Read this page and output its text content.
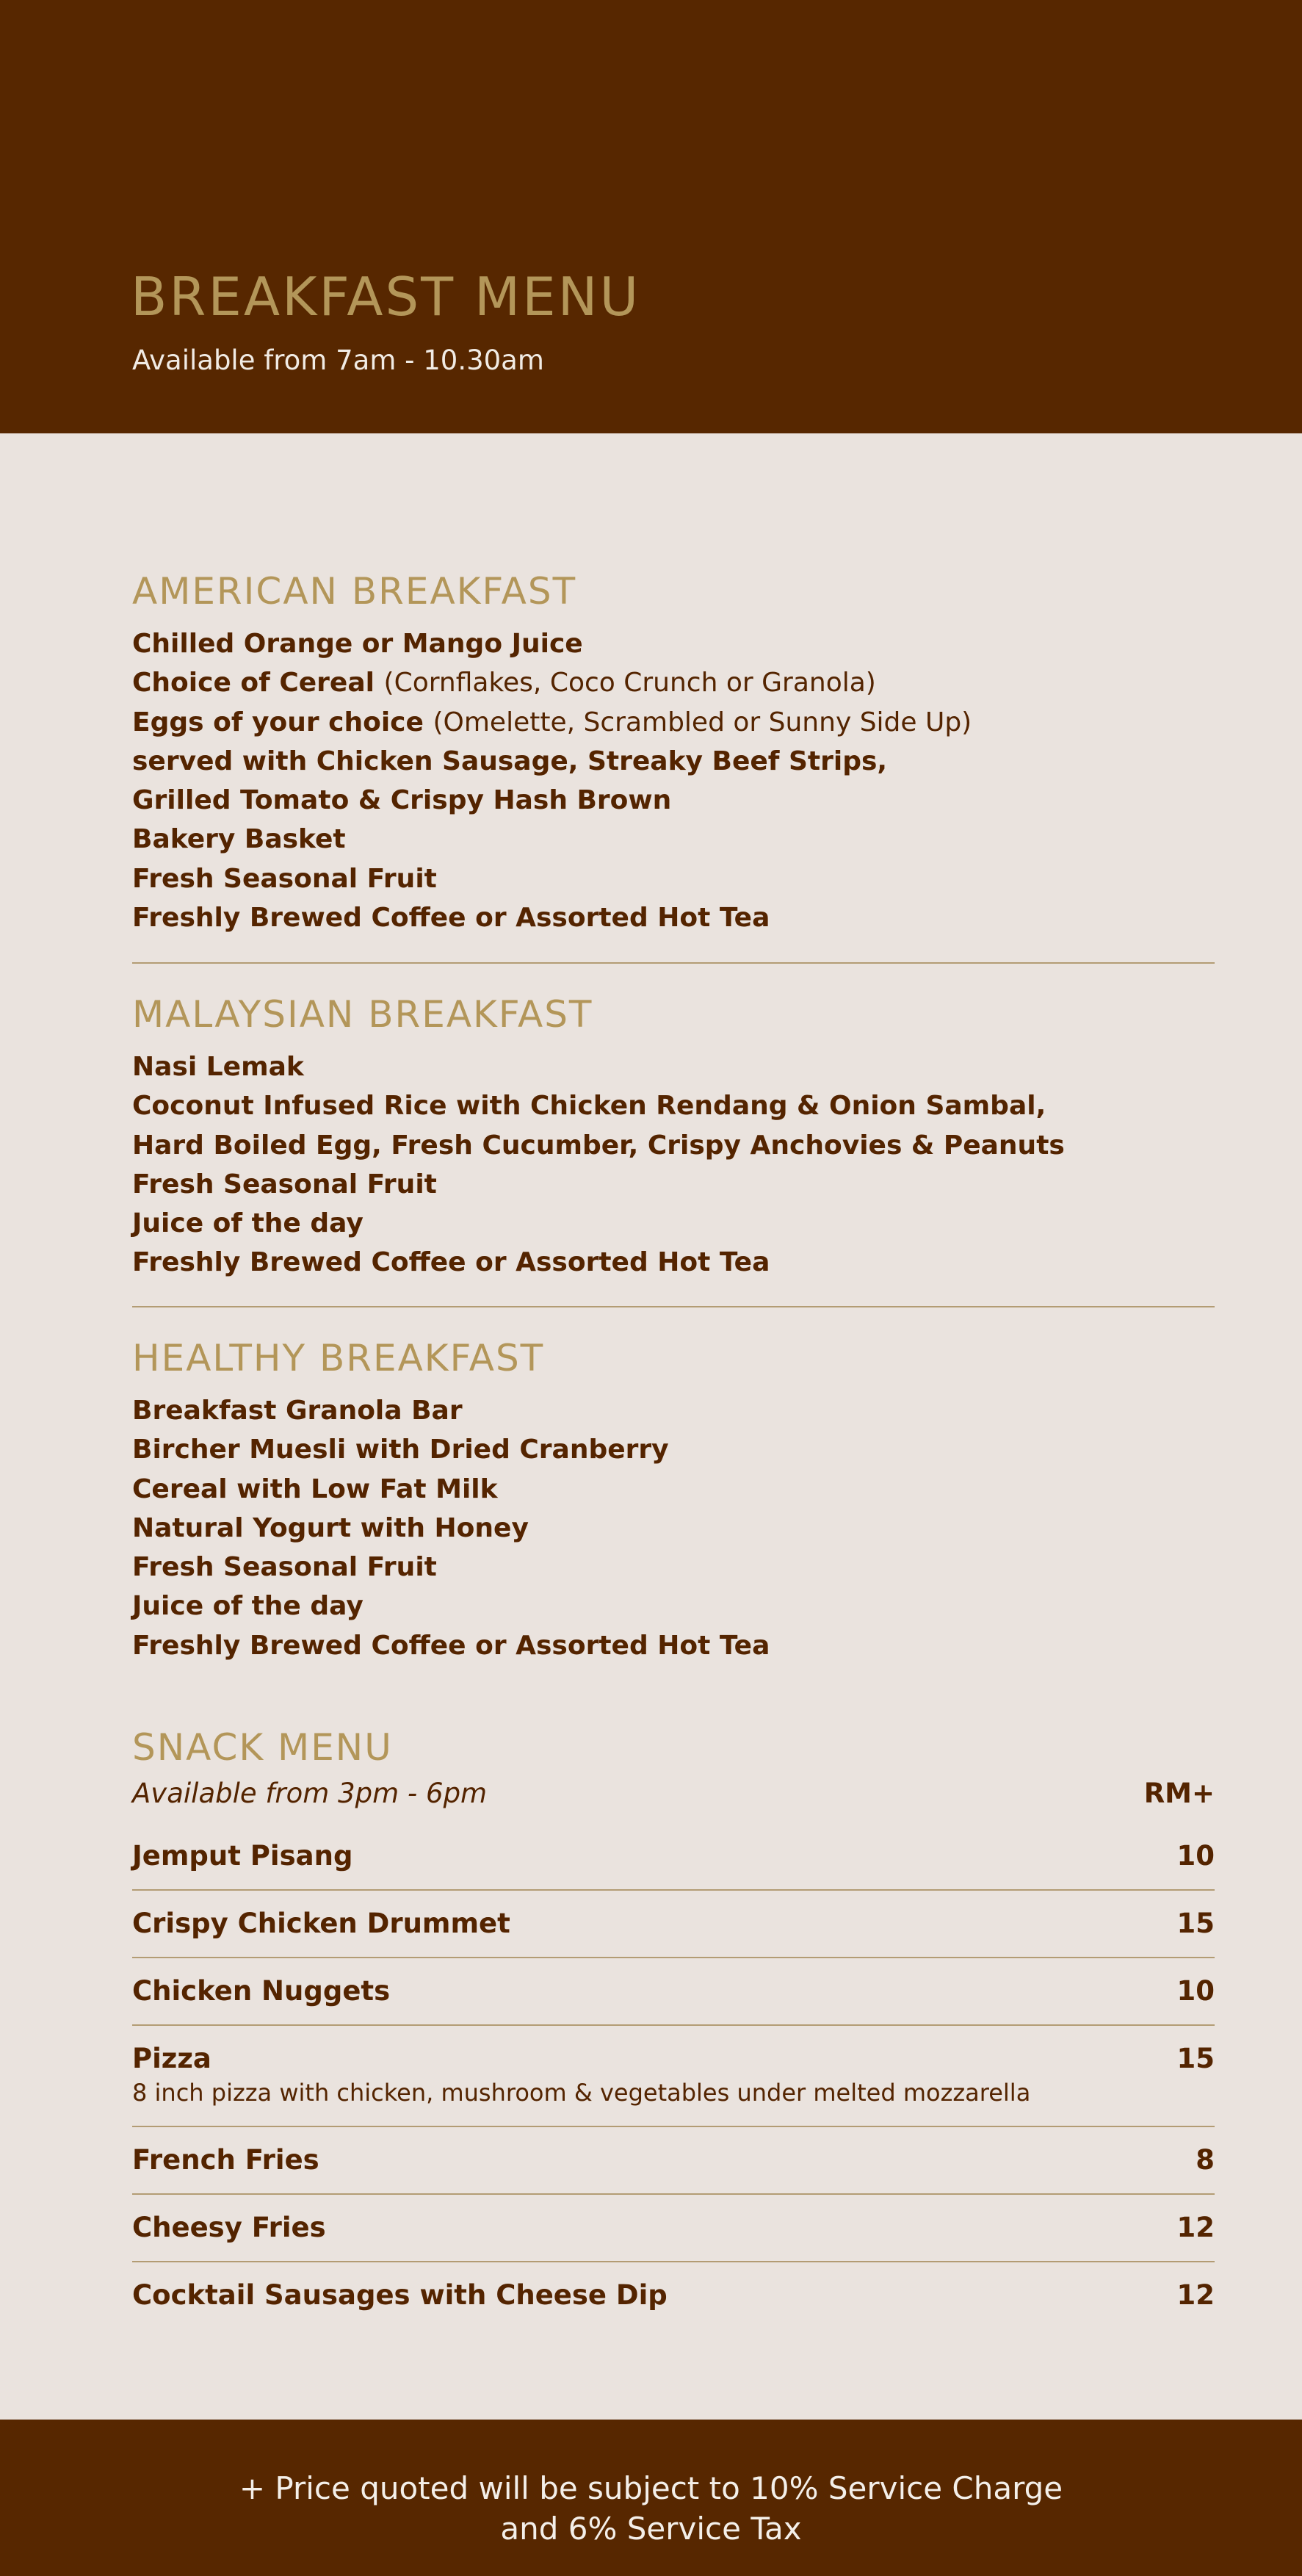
BREAKFAST MENU

Available from 7am - 10.30am

AMERICAN BREAKFAST
Chilled Orange or Mango Juice
Choice of Cereal (Cornflakes, Coco Crunch or Granola)
Eggs of your choice (Omelette, Scrambled or Sunny Side Up)
served with Chicken Sausage, Streaky Beef Strips,
Grilled Tomato & Crispy Hash Brown
Bakery Basket
Fresh Seasonal Fruit
Freshly Brewed Coffee or Assorted Hot Tea
MALAYSIAN BREAKFAST
Nasi Lemak
Coconut Infused Rice with Chicken Rendang & Onion Sambal,
Hard Boiled Egg, Fresh Cucumber, Crispy Anchovies & Peanuts
Fresh Seasonal Fruit
Juice of the day
Freshly Brewed Coffee or Assorted Hot Tea
HEALTHY BREAKFAST
Breakfast Granola Bar
Bircher Muesli with Dried Cranberry
Cereal with Low Fat Milk
Natural Yogurt with Honey
Fresh Seasonal Fruit
Juice of the day
Freshly Brewed Coffee or Assorted Hot Tea
SNACK MENU
Available from 3pm - 6pm	RM+
Jemput Pisang	10
Crispy Chicken Drummet	15
Chicken Nuggets	10
Pizza	15
8 inch pizza with chicken, mushroom & vegetables under melted mozzarella
French Fries	8
Cheesy Fries	12
Cocktail Sausages with Cheese Dip	12
+ Price quoted will be subject to 10% Service Charge
and 6% Service Tax
